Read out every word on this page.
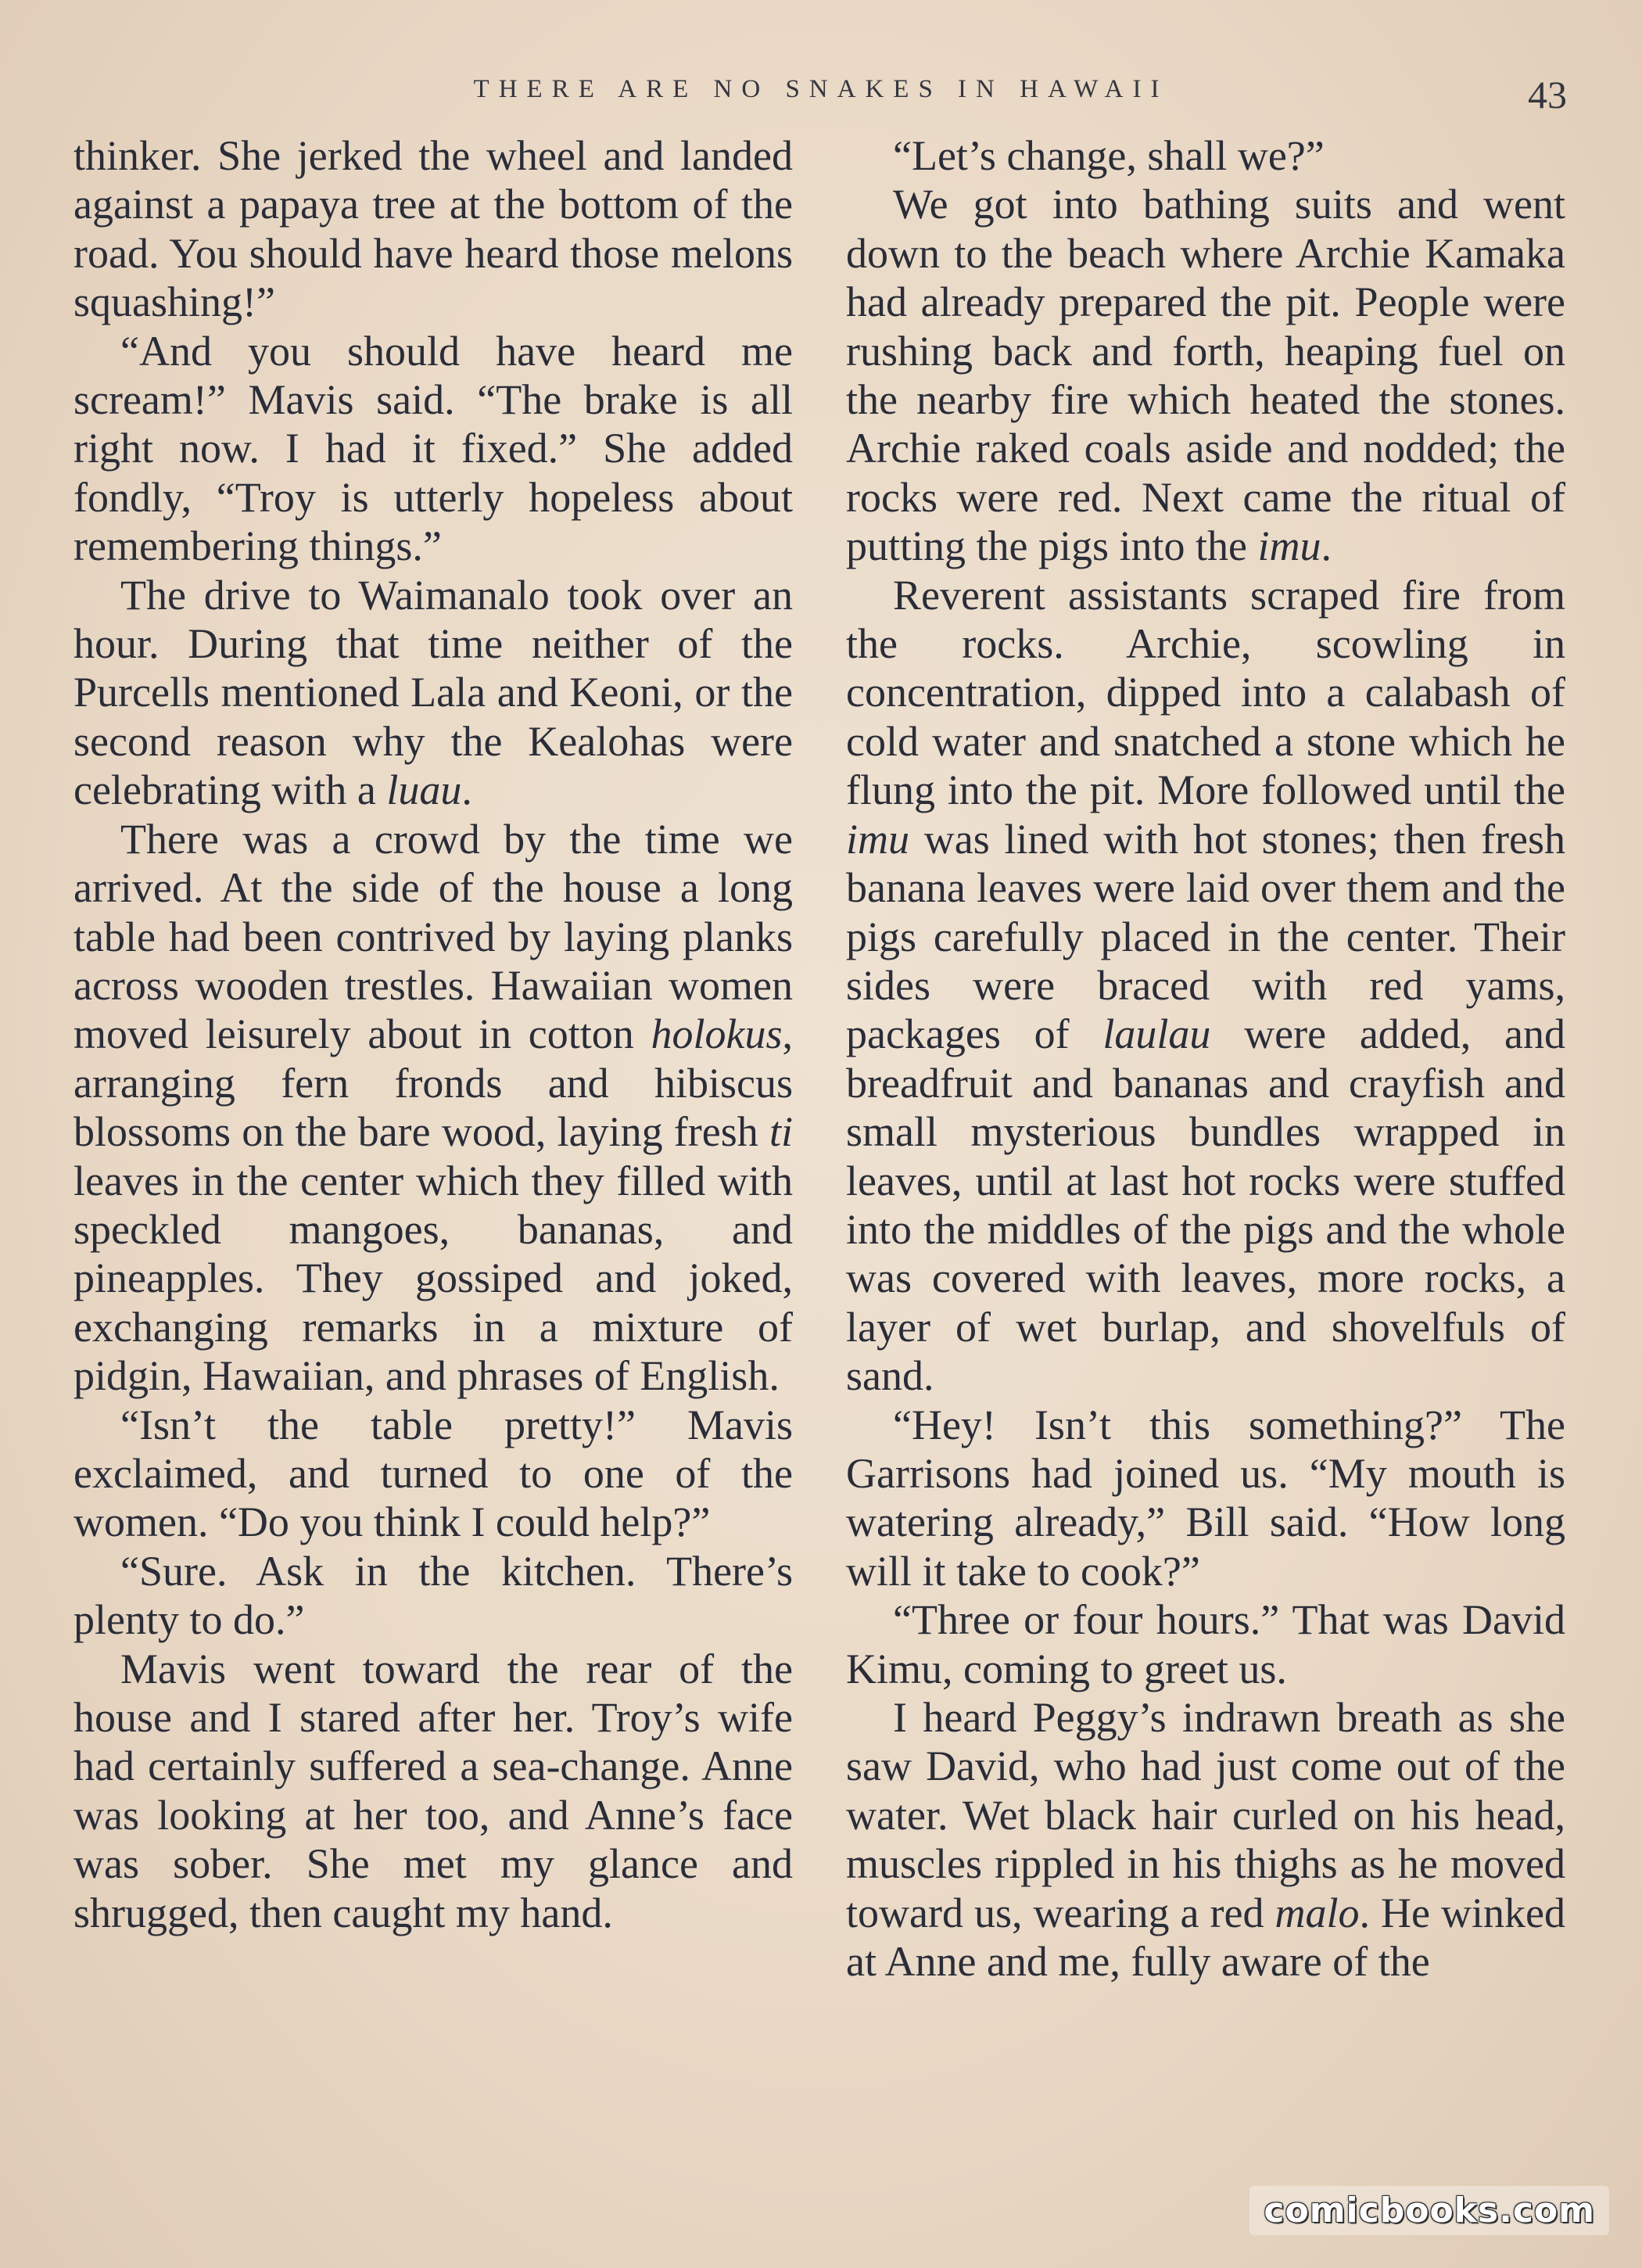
THERE ARE NO SNAKES IN HAWAII	43

thinker. She jerked the wheel and landed against a papaya tree at the bottom of the road. You should have heard those melons squashing!”

“And you should have heard me scream!” Mavis said. “The brake is all right now. I had it fixed.” She added fondly, “Troy is utterly hopeless about remembering things.”

The drive to Waimanalo took over an hour. During that time neither of the Purcells mentioned Lala and Keoni, or the second reason why the Kealohas were celebrating with a luau.

There was a crowd by the time we arrived. At the side of the house a long table had been contrived by laying planks across wooden trestles. Hawaiian women moved leisurely about in cotton holokus, arranging fern fronds and hibiscus blossoms on the bare wood, laying fresh ti leaves in the center which they filled with speckled mangoes, bananas, and pineapples. They gossiped and joked, exchanging remarks in a mixture of pidgin, Hawaiian, and phrases of English.

“Isn’t the table pretty!” Mavis exclaimed, and turned to one of the women. “Do you think I could help?”

“Sure. Ask in the kitchen. There’s plenty to do.”

Mavis went toward the rear of the house and I stared after her. Troy’s wife had certainly suffered a sea-change. Anne was looking at her too, and Anne’s face was sober. She met my glance and shrugged, then caught my hand.

“Let’s change, shall we?”

We got into bathing suits and went down to the beach where Archie Kamaka had already prepared the pit. People were rushing back and forth, heaping fuel on the nearby fire which heated the stones. Archie raked coals aside and nodded; the rocks were red. Next came the ritual of putting the pigs into the imu.

Reverent assistants scraped fire from the rocks. Archie, scowling in concentration, dipped into a calabash of cold water and snatched a stone which he flung into the pit. More followed until the imu was lined with hot stones; then fresh banana leaves were laid over them and the pigs carefully placed in the center. Their sides were braced with red yams, packages of laulau were added, and breadfruit and bananas and crayfish and small mysterious bundles wrapped in leaves, until at last hot rocks were stuffed into the middles of the pigs and the whole was covered with leaves, more rocks, a layer of wet burlap, and shovelfuls of sand.

“Hey! Isn’t this something?” The Garrisons had joined us. “My mouth is watering already,” Bill said. “How long will it take to cook?”

“Three or four hours.” That was David Kimu, coming to greet us.

I heard Peggy’s indrawn breath as she saw David, who had just come out of the water. Wet black hair curled on his head, muscles rippled in his thighs as he moved toward us, wearing a red malo. He winked at Anne and me, fully aware of the

comicbooks.com
